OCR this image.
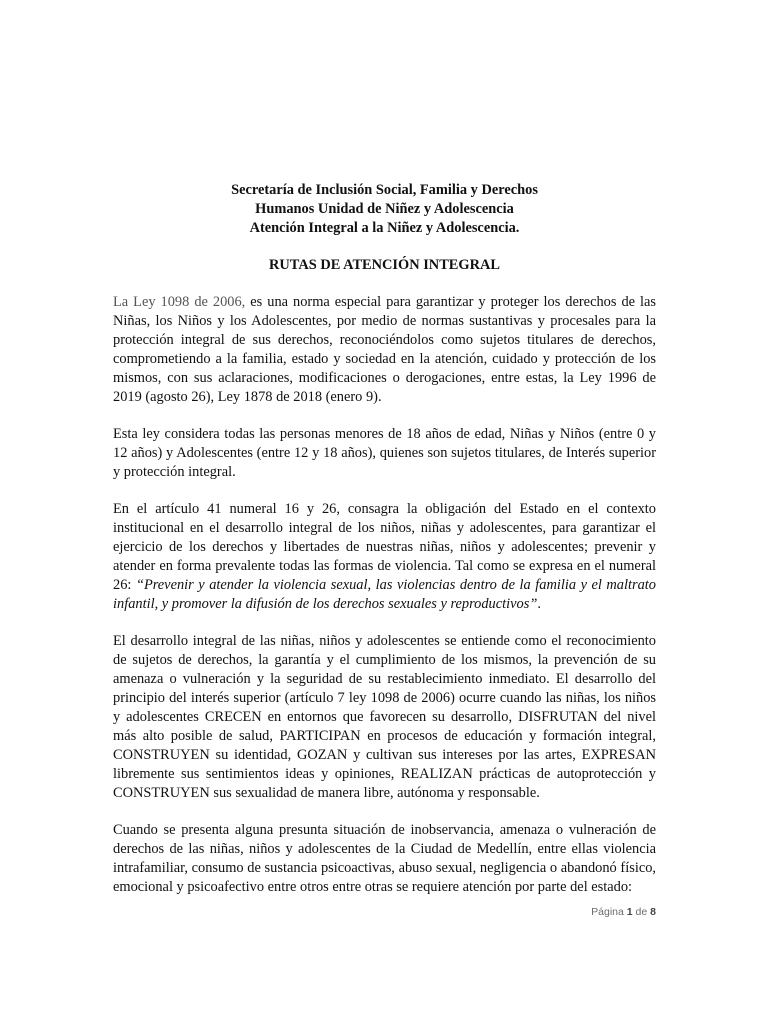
Secretaría de Inclusión Social, Familia y Derechos

Humanos Unidad de Niñez y Adolescencia

Atención Integral a la Niñez y Adolescencia.

RUTAS DE ATENCIÓN INTEGRAL

La Ley 1098 de 2006, es una norma especial para garantizar y proteger los derechos de las Niñas, los Niños y los Adolescentes, por medio de normas sustantivas y procesales para la protección integral de sus derechos, reconociéndolos como sujetos titulares de derechos, comprometiendo a la familia, estado y sociedad en la atención, cuidado y protección de los mismos, con sus aclaraciones, modificaciones o derogaciones, entre estas, la Ley 1996 de 2019 (agosto 26), Ley 1878 de 2018 (enero 9).

Esta ley considera todas las personas menores de 18 años de edad, Niñas y Niños (entre 0 y 12 años) y Adolescentes (entre 12 y 18 años), quienes son sujetos titulares, de Interés superior y protección integral.

En el artículo 41 numeral 16 y 26, consagra la obligación del Estado en el contexto institucional en el desarrollo integral de los niños, niñas y adolescentes, para garantizar el ejercicio de los derechos y libertades de nuestras niñas, niños y adolescentes; prevenir y atender en forma prevalente todas las formas de violencia. Tal como se expresa en el numeral 26: “Prevenir y atender la violencia sexual, las violencias dentro de la familia y el maltrato infantil, y promover la difusión de los derechos sexuales y reproductivos”.

El desarrollo integral de las niñas, niños y adolescentes se entiende como el reconocimiento de sujetos de derechos, la garantía y el cumplimiento de los mismos, la prevención de su amenaza o vulneración y la seguridad de su restablecimiento inmediato. El desarrollo del principio del interés superior (artículo 7 ley 1098 de 2006) ocurre cuando las niñas, los niños y adolescentes CRECEN en entornos que favorecen su desarrollo, DISFRUTAN del nivel más alto posible de salud, PARTICIPAN en procesos de educación y formación integral, CONSTRUYEN su identidad, GOZAN y cultivan sus intereses por las artes, EXPRESAN libremente sus sentimientos ideas y opiniones, REALIZAN prácticas de autoprotección y CONSTRUYEN sus sexualidad de manera libre, autónoma y responsable.

Cuando se presenta alguna presunta situación de inobservancia, amenaza o vulneración de derechos de las niñas, niños y adolescentes de la Ciudad de Medellín, entre ellas violencia intrafamiliar, consumo de sustancia psicoactivas, abuso sexual, negligencia o abandonó físico, emocional y psicoafectivo entre otros entre otras se requiere atención por parte del estado:

Página 1 de 8
